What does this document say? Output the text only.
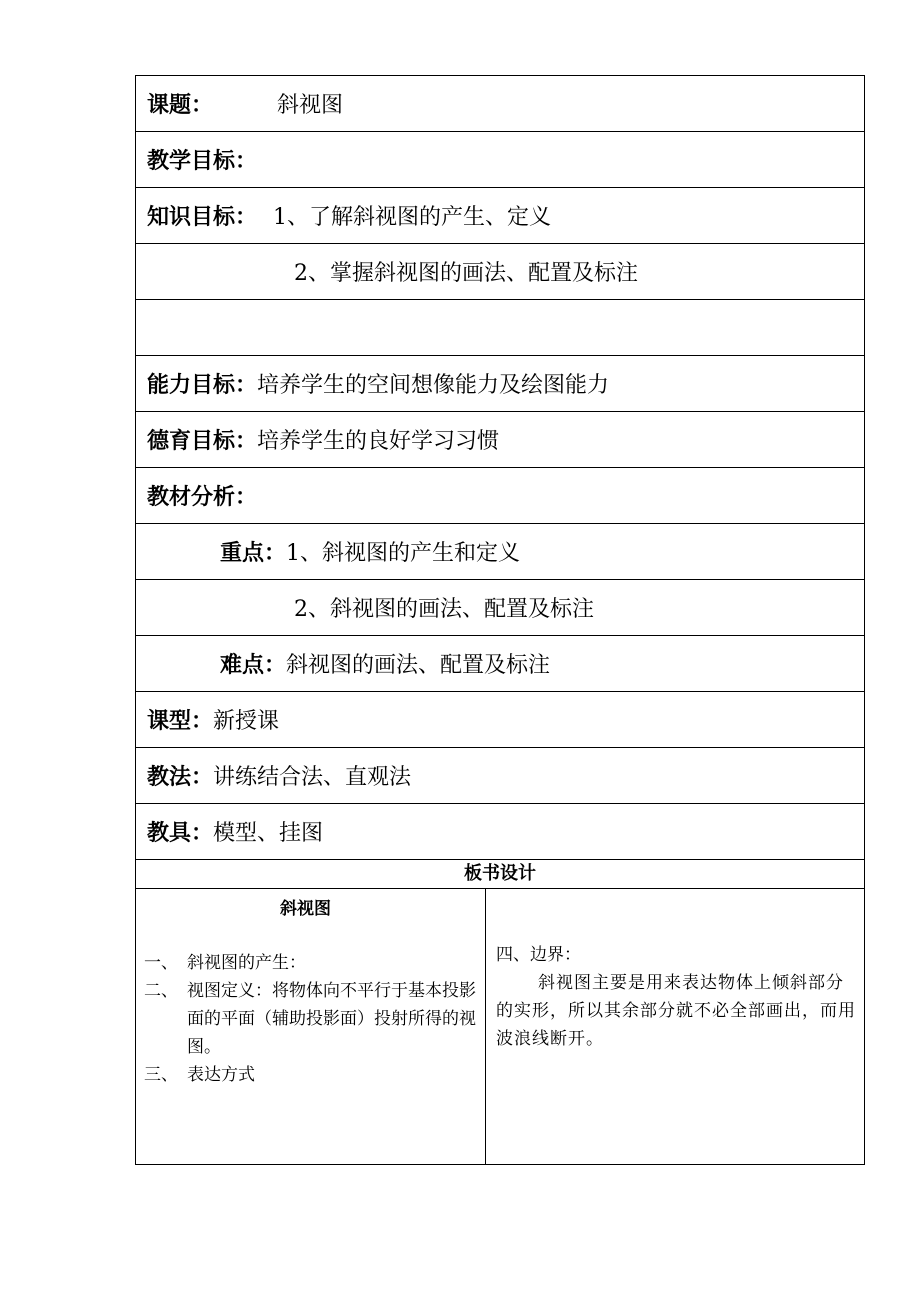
课题：	斜视图
教学目标：
知识目标： 1、了解斜视图的产生、定义
2、掌握斜视图的画法、配置及标注
能力目标： 培养学生的空间想像能力及绘图能力
德育目标： 培养学生的良好学习习惯
教材分析：
重点： 1、斜视图的产生和定义
2、斜视图的画法、配置及标注
难点： 斜视图的画法、配置及标注
课型： 新授课
教法： 讲练结合法、直观法
教具： 模型、挂图
板书设计
斜视图
一、 斜视图的产生：
二、 视图定义：将物体向不平行于基本投影面的平面（辅助投影面）投射所得的视图。
三、 表达方式
四、边界：
斜视图主要是用来表达物体上倾斜部分的实形，所以其余部分就不必全部画出，而用波浪线断开。
